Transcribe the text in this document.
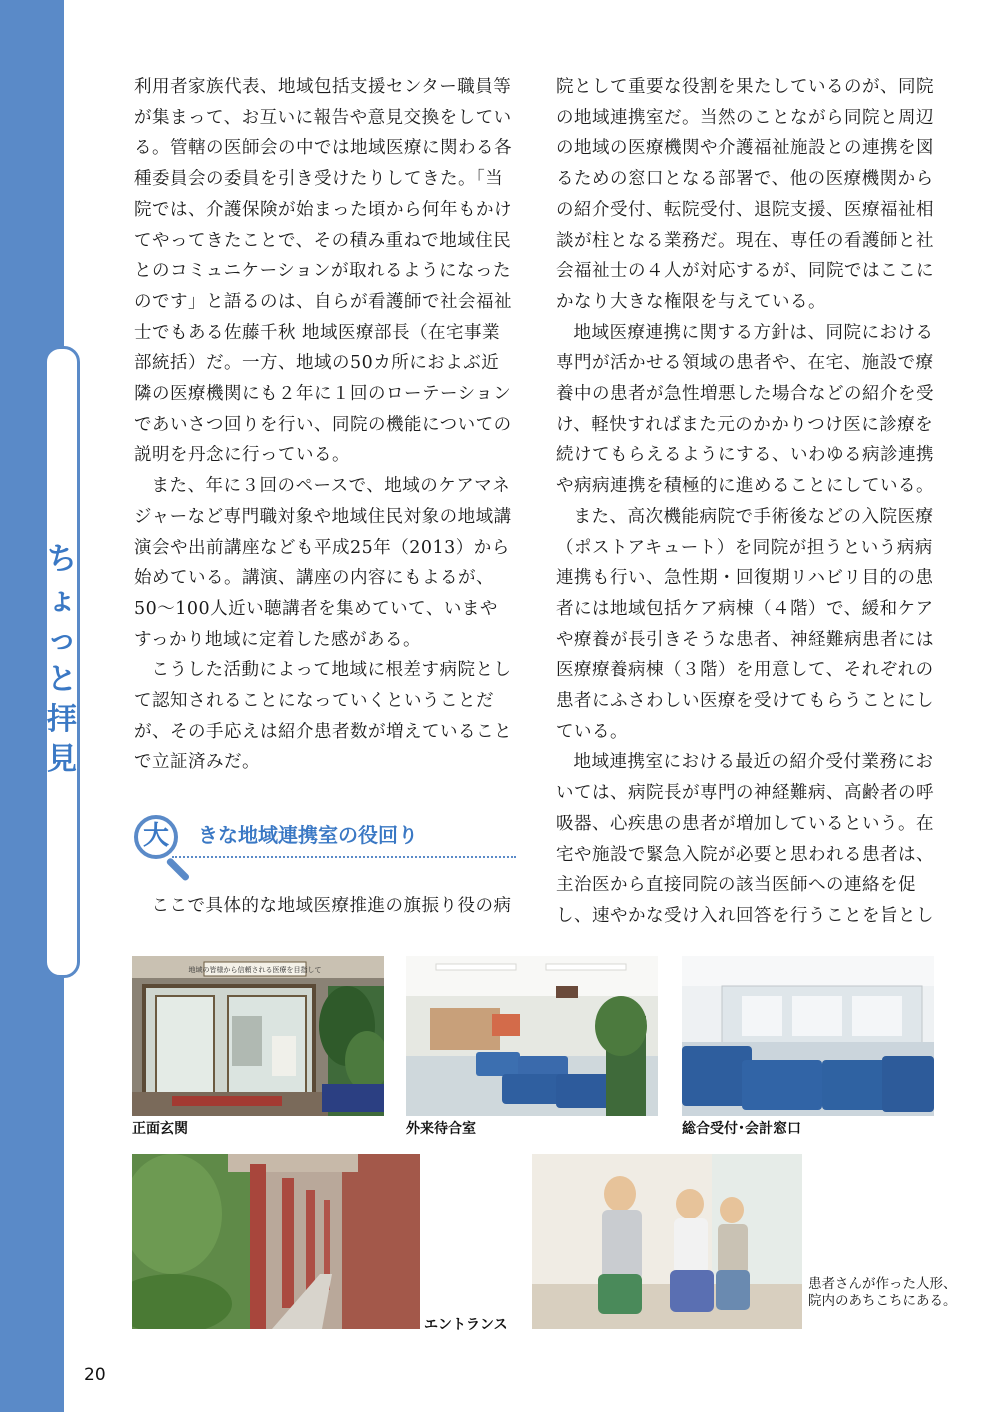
ち
ょ
っ
と
拝
見

利用者家族代表、地域包括支援センター職員等が集まって、お互いに報告や意見交換をしている。管轄の医師会の中では地域医療に関わる各種委員会の委員を引き受けたりしてきた。「当院では、介護保険が始まった頃から何年もかけてやってきたことで、その積み重ねで地域住民とのコミュニケーションが取れるようになったのです」と語るのは、自らが看護師で社会福祉士でもある佐藤千秋 地域医療部長（在宅事業部統括）だ。一方、地域の50カ所におよぶ近隣の医療機関にも２年に１回のローテーションであいさつ回りを行い、同院の機能についての説明を丹念に行っている。

また、年に３回のペースで、地域のケアマネジャーなど専門職対象や地域住民対象の地域講演会や出前講座なども平成25年（2013）から始めている。講演、講座の内容にもよるが、50～100人近い聴講者を集めていて、いまやすっかり地域に定着した感がある。

こうした活動によって地域に根差す病院として認知されることになっていくということだが、その手応えは紹介患者数が増えていることで立証済みだ。

大	きな地域連携室の役回り
ここで具体的な地域医療推進の旗振り役の病

院として重要な役割を果たしているのが、同院の地域連携室だ。当然のことながら同院と周辺の地域の医療機関や介護福祉施設との連携を図るための窓口となる部署で、他の医療機関からの紹介受付、転院受付、退院支援、医療福祉相談が柱となる業務だ。現在、専任の看護師と社会福祉士の４人が対応するが、同院ではここにかなり大きな権限を与えている。

地域医療連携に関する方針は、同院における専門が活かせる領域の患者や、在宅、施設で療養中の患者が急性増悪した場合などの紹介を受け、軽快すればまた元のかかりつけ医に診療を続けてもらえるようにする、いわゆる病診連携や病病連携を積極的に進めることにしている。

また、高次機能病院で手術後などの入院医療（ポストアキュート）を同院が担うという病病連携も行い、急性期・回復期リハビリ目的の患者には地域包括ケア病棟（４階）で、緩和ケアや療養が長引きそうな患者、神経難病患者には医療療養病棟（３階）を用意して、それぞれの患者にふさわしい医療を受けてもらうことにしている。

地域連携室における最近の紹介受付業務においては、病院長が専門の神経難病、高齢者の呼吸器、心疾患の患者が増加しているという。在宅や施設で緊急入院が必要と思われる患者は、主治医から直接同院の該当医師への連絡を促し、速やかな受け入れ回答を行うことを旨とし

地域の皆様から信頼される医療を目指して
正面玄関	外来待合室	総合受付･会計窓口
エントランス
患者さんが作った人形、院内のあちこちにある。
20
